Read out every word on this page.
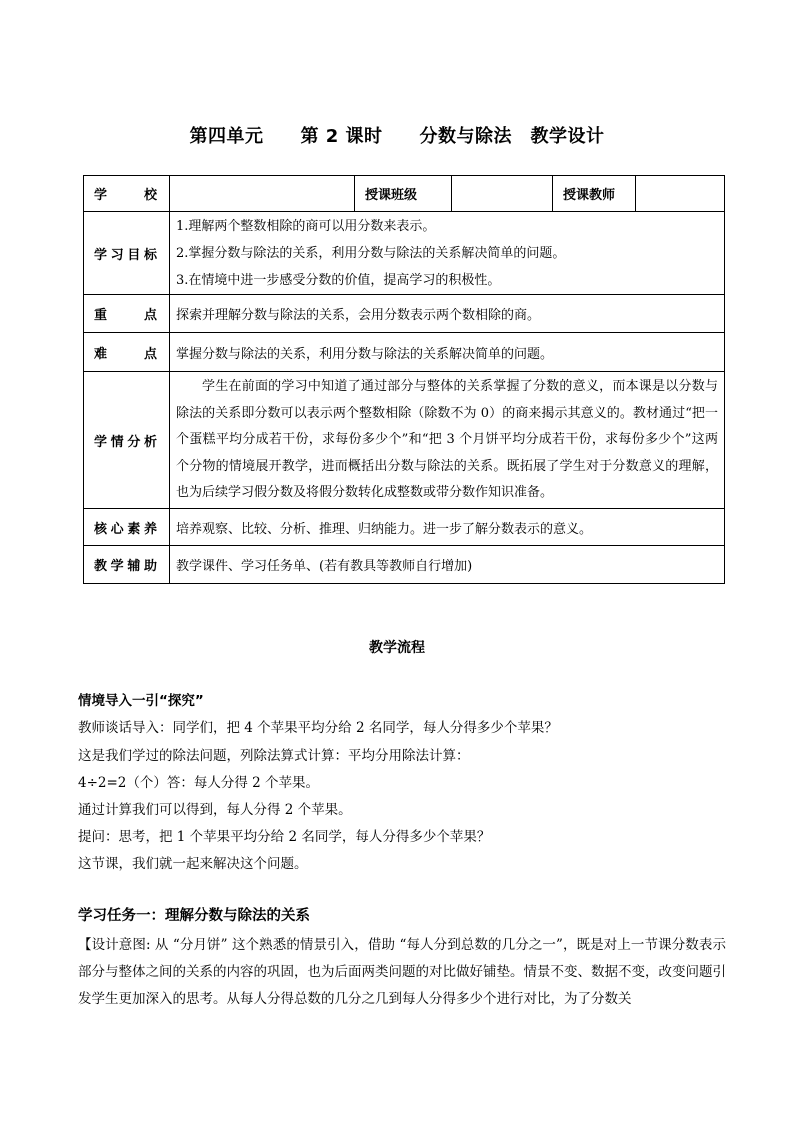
第四单元　　第 2 课时　　分数与除法　教学设计
学　　校		授课班级		授课教师	
学习目标	1.理解两个整数相除的商可以用分数来表示。
2.掌握分数与除法的关系，利用分数与除法的关系解决简单的问题。
3.在情境中进一步感受分数的价值，提高学习的积极性。				

重　　点	探索并理解分数与除法的关系，会用分数表示两个数相除的商。				
难　　点	掌握分数与除法的关系，利用分数与除法的关系解决简单的问题。				
学情分析	学生在前面的学习中知道了通过部分与整体的关系掌握了分数的意义，而本课是以分数与除法的关系即分数可以表示两个整数相除（除数不为 0）的商来揭示其意义的。教材通过“把一个蛋糕平均分成若干份，求每份多少个”和“把 3 个月饼平均分成若干份，求每份多少个”这两个分物的情境展开教学，进而概括出分数与除法的关系。既拓展了学生对于分数意义的理解，也为后续学习假分数及将假分数转化成整数或带分数作知识准备。				

核心素养	培养观察、比较、分析、推理、归纳能力。进一步了解分数表示的意义。				
教学辅助	教学课件、学习任务单、(若有教具等教师自行增加)				
教学流程
情境导入一引“探究”
教师谈话导入：同学们，把 4 个苹果平均分给 2 名同学，每人分得多少个苹果？
这是我们学过的除法问题，列除法算式计算：平均分用除法计算：
4÷2=2（个）答：每人分得 2 个苹果。
通过计算我们可以得到，每人分得 2 个苹果。
提问：思考，把 1 个苹果平均分给 2 名同学，每人分得多少个苹果？
这节课，我们就一起来解决这个问题。
学习任务一：理解分数与除法的关系
【设计意图: 从 “分月饼” 这个熟悉的情景引入，借助 “每人分到总数的几分之一”，既是对上一节课分数表示部分与整体之间的关系的内容的巩固，也为后面两类问题的对比做好铺垫。情景不变、数据不变，改变问题引发学生更加深入的思考。从每人分得总数的几分之几到每人分得多少个进行对比，为了分数关
